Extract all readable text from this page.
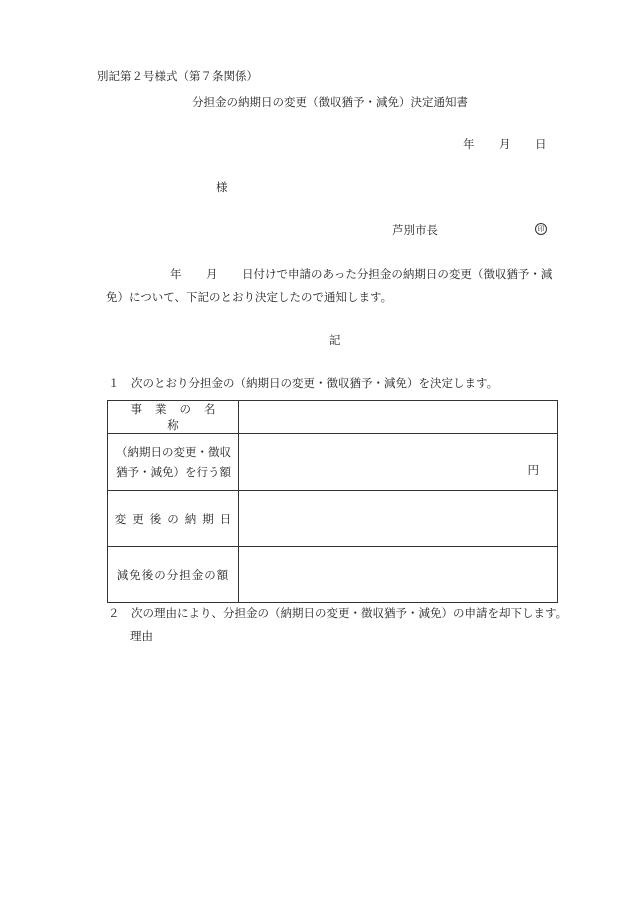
別記第２号様式（第７条関係）
分担金の納期日の変更（徴収猶予・減免）決定通知書
年 月 日
様
芦別市長	印
年 月 日付けで申請のあった分担金の納期日の変更（徴収猶予・減
免）について、下記のとおり決定したので通知します。
記
１　次のとおり分担金の（納期日の変更・徴収猶予・減免）を決定します。
事業の名称	

（納期日の変更・徴収
猶予・減免）を行う額	円

変更後の納期日	
減免後の分担金の額	
２　次の理由により、分担金の（納期日の変更・徴収猶予・減免）の申請を却下します。
理由
